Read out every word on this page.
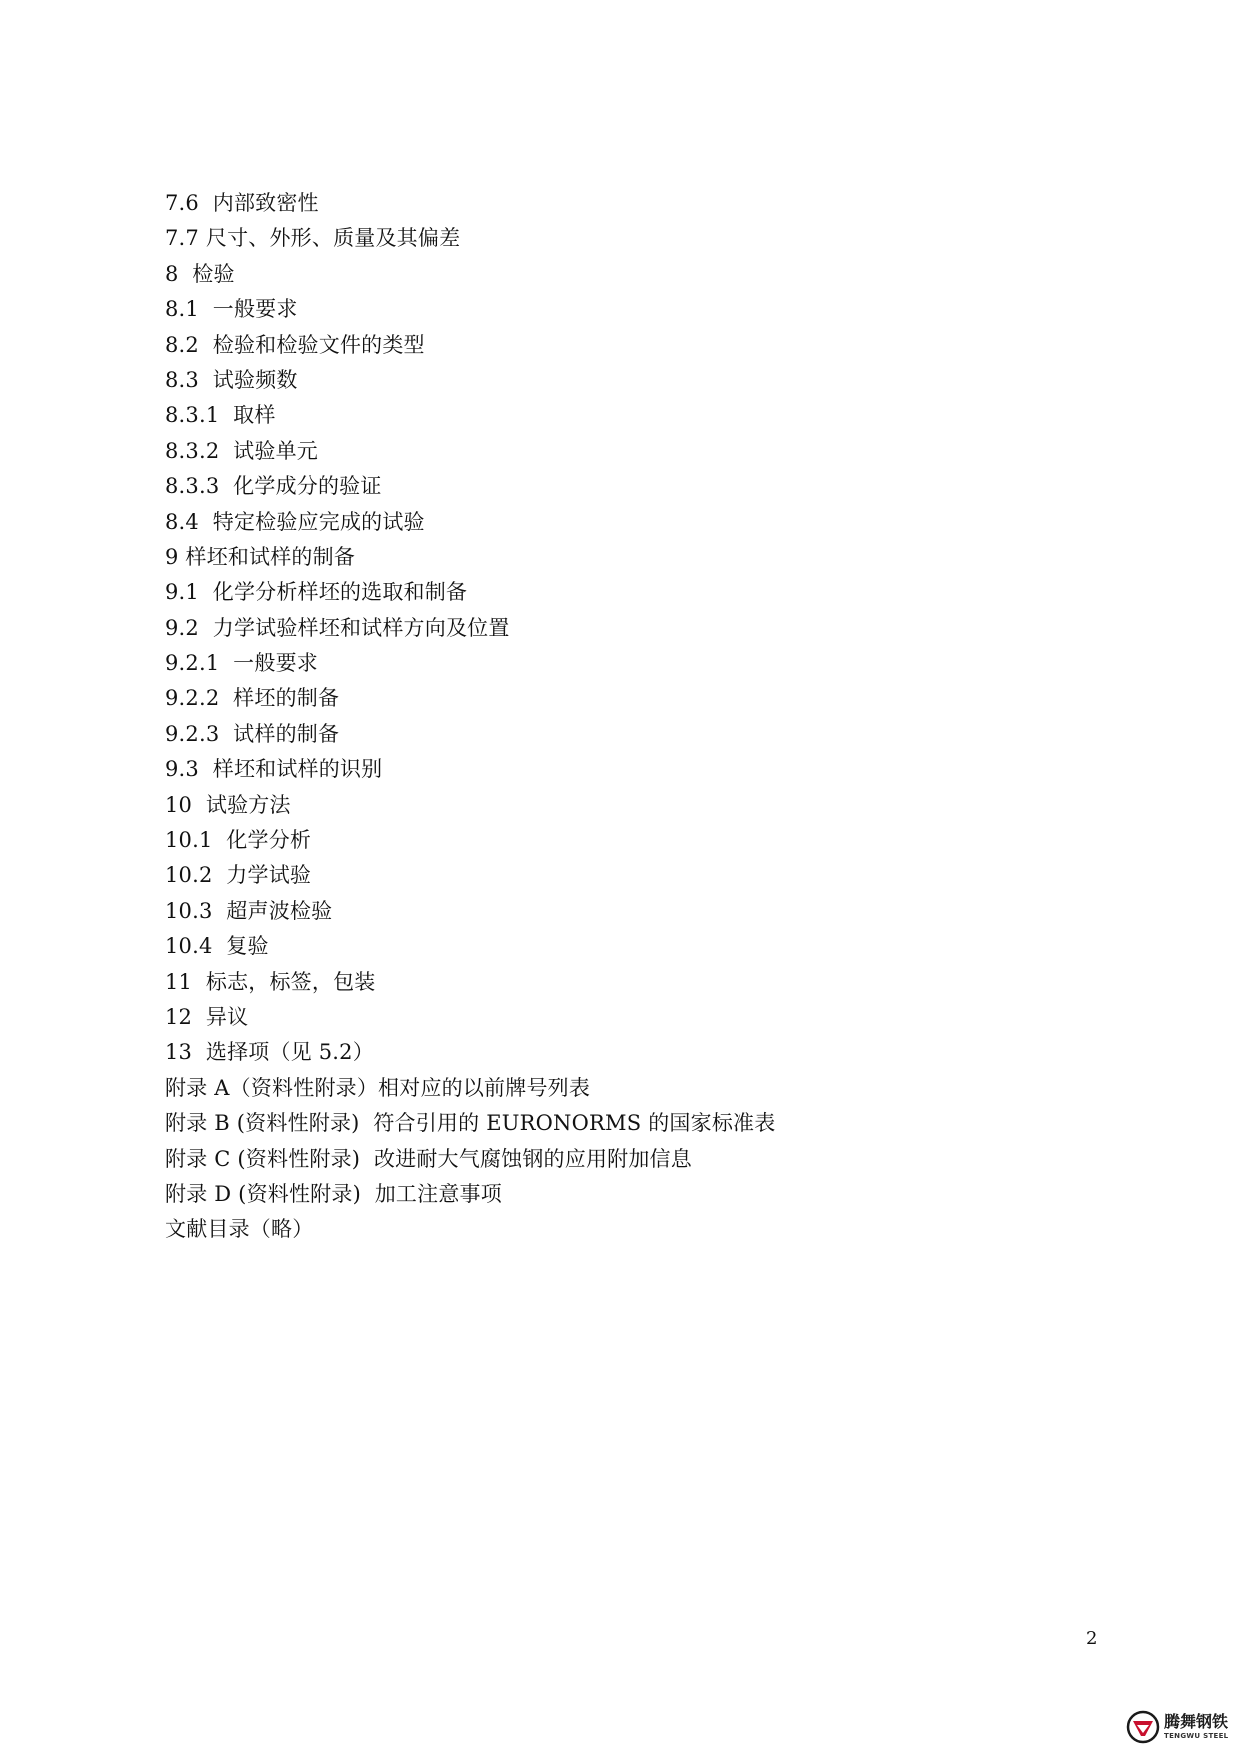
7.6  内部致密性
7.7 尺寸、外形、质量及其偏差
8  检验
8.1  一般要求
8.2  检验和检验文件的类型
8.3  试验频数
8.3.1  取样
8.3.2  试验单元
8.3.3  化学成分的验证
8.4  特定检验应完成的试验
9 样坯和试样的制备
9.1  化学分析样坯的选取和制备
9.2  力学试验样坯和试样方向及位置
9.2.1  一般要求
9.2.2  样坯的制备
9.2.3  试样的制备
9.3  样坯和试样的识别
10  试验方法
10.1  化学分析
10.2  力学试验
10.3  超声波检验
10.4  复验
11  标志，标签，包装
12  异议
13  选择项（见 5.2）
附录 A（资料性附录）相对应的以前牌号列表
附录 B (资料性附录)  符合引用的 EURONORMS 的国家标准表
附录 C (资料性附录)  改进耐大气腐蚀钢的应用附加信息
附录 D (资料性附录)  加工注意事项
文献目录（略）
2
腾舞钢铁
TENGWU STEEL
